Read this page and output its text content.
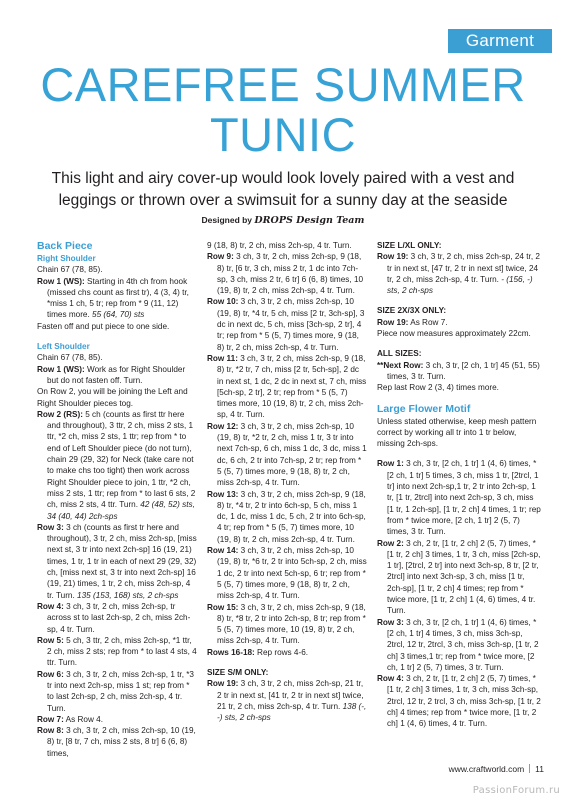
Garment
CAREFREE SUMMER
TUNIC
This light and airy cover-up would look lovely paired with a vest and leggings or thrown over a swimsuit for a sunny day at the seaside
Designed by DROPS Design Team

Back Piece

Right Shoulder

Chain 67 (78, 85).

Row 1 (WS): Starting in 4th ch from hook (missed chs count as first tr), 4 (3, 4) tr, *miss 1 ch, 5 tr; rep from * 9 (11, 12) times more. 55 (64, 70) sts

Fasten off and put piece to one side.

Left Shoulder

Chain 67 (78, 85).

Row 1 (WS): Work as for Right Shoulder but do not fasten off. Turn.

On Row 2, you will be joining the Left and Right Shoulder pieces tog.

Row 2 (RS): 5 ch (counts as first ttr here and throughout), 3 ttr, 2 ch, miss 2 sts, 1 ttr, *2 ch, miss 2 sts, 1 ttr; rep from * to end of Left Shoulder piece (do not turn), chain 29 (29, 32) for Neck (take care not to make chs too tight) then work across Right Shoulder piece to join, 1 ttr, *2 ch, miss 2 sts, 1 ttr; rep from * to last 6 sts, 2 ch, miss 2 sts, 4 ttr. Turn. 42 (48, 52) sts, 34 (40, 44) 2ch-sps

Row 3: 3 ch (counts as first tr here and throughout), 3 tr, 2 ch, miss 2ch-sp, [miss next st, 3 tr into next 2ch-sp] 16 (19, 21) times, 1 tr, 1 tr in each of next 29 (29, 32) ch, [miss next st, 3 tr into next 2ch-sp] 16 (19, 21) times, 1 tr, 2 ch, miss 2ch-sp, 4 tr. Turn. 135 (153, 168) sts, 2 ch-sps

Row 4: 3 ch, 3 tr, 2 ch, miss 2ch-sp, tr across st to last 2ch-sp, 2 ch, miss 2ch-sp, 4 tr. Turn.

Row 5: 5 ch, 3 ttr, 2 ch, miss 2ch-sp, *1 ttr, 2 ch, miss 2 sts; rep from * to last 4 sts, 4 ttr. Turn.

Row 6: 3 ch, 3 tr, 2 ch, miss 2ch-sp, 1 tr, *3 tr into next 2ch-sp, miss 1 st; rep from * to last 2ch-sp, 2 ch, miss 2ch-sp, 4 tr. Turn.

Row 7: As Row 4.

Row 8: 3 ch, 3 tr, 2 ch, miss 2ch-sp, 10 (19, 8) tr, [8 tr, 7 ch, miss 2 sts, 8 tr] 6 (6, 8) times,

9 (18, 8) tr, 2 ch, miss 2ch-sp, 4 tr. Turn.

Row 9: 3 ch, 3 tr, 2 ch, miss 2ch-sp, 9 (18, 8) tr, [6 tr, 3 ch, miss 2 tr, 1 dc into 7ch-sp, 3 ch, miss 2 tr, 6 tr] 6 (6, 8) times, 10 (19, 8) tr, 2 ch, miss 2ch-sp, 4 tr. Turn.

Row 10: 3 ch, 3 tr, 2 ch, miss 2ch-sp, 10 (19, 8) tr, *4 tr, 5 ch, miss [2 tr, 3ch-sp], 3 dc in next dc, 5 ch, miss [3ch-sp, 2 tr], 4 tr; rep from * 5 (5, 7) times more, 9 (18, 8) tr, 2 ch, miss 2ch-sp, 4 tr. Turn.

Row 11: 3 ch, 3 tr, 2 ch, miss 2ch-sp, 9 (18, 8) tr, *2 tr, 7 ch, miss [2 tr, 5ch-sp], 2 dc in next st, 1 dc, 2 dc in next st, 7 ch, miss [5ch-sp, 2 tr], 2 tr; rep from * 5 (5, 7) times more, 10 (19, 8) tr, 2 ch, miss 2ch-sp, 4 tr. Turn.

Row 12: 3 ch, 3 tr, 2 ch, miss 2ch-sp, 10 (19, 8) tr, *2 tr, 2 ch, miss 1 tr, 3 tr into next 7ch-sp, 6 ch, miss 1 dc, 3 dc, miss 1 dc, 6 ch, 2 tr into 7ch-sp, 2 tr; rep from * 5 (5, 7) times more, 9 (18, 8) tr, 2 ch, miss 2ch-sp, 4 tr. Turn.

Row 13: 3 ch, 3 tr, 2 ch, miss 2ch-sp, 9 (18, 8) tr, *4 tr, 2 tr into 6ch-sp, 5 ch, miss 1 dc, 1 dc, miss 1 dc, 5 ch, 2 tr into 6ch-sp, 4 tr; rep from * 5 (5, 7) times more, 10 (19, 8) tr, 2 ch, miss 2ch-sp, 4 tr. Turn.

Row 14: 3 ch, 3 tr, 2 ch, miss 2ch-sp, 10 (19, 8) tr, *6 tr, 2 tr into 5ch-sp, 2 ch, miss 1 dc, 2 tr into next 5ch-sp, 6 tr; rep from * 5 (5, 7) times more, 9 (18, 8) tr, 2 ch, miss 2ch-sp, 4 tr. Turn.

Row 15: 3 ch, 3 tr, 2 ch, miss 2ch-sp, 9 (18, 8) tr, *8 tr, 2 tr into 2ch-sp, 8 tr; rep from * 5 (5, 7) times more, 10 (19, 8) tr, 2 ch, miss 2ch-sp, 4 tr. Turn.

Rows 16-18: Rep rows 4-6.

SIZE S/M ONLY:

Row 19: 3 ch, 3 tr, 2 ch, miss 2ch-sp, 21 tr, 2 tr in next st, [41 tr, 2 tr in next st] twice, 21 tr, 2 ch, miss 2ch-sp, 4 tr. Turn. 138 (-, -) sts, 2 ch-sps

SIZE L/XL ONLY:

Row 19: 3 ch, 3 tr, 2 ch, miss 2ch-sp, 24 tr, 2 tr in next st, [47 tr, 2 tr in next st] twice, 24 tr, 2 ch, miss 2ch-sp, 4 tr. Turn. - (156, -) sts, 2 ch-sps

SIZE 2X/3X ONLY:

Row 19: As Row 7.

Piece now measures approximately 22cm.

ALL SIZES:

**Next Row: 3 ch, 3 tr, [2 ch, 1 tr] 45 (51, 55) times, 3 tr. Turn.

Rep last Row 2 (3, 4) times more.

Large Flower Motif

Unless stated otherwise, keep mesh pattern correct by working all tr into 1 tr below, missing 2ch-sps.

Row 1: 3 ch, 3 tr, [2 ch, 1 tr] 1 (4, 6) times, *[2 ch, 1 tr] 5 times, 3 ch, miss 1 tr, [2trcl, 1 tr] into next 2ch-sp,1 tr, 2 tr into 2ch-sp, 1 tr, [1 tr, 2trcl] into next 2ch-sp, 3 ch, miss [1 tr, 1 2ch-sp], [1 tr, 2 ch] 4 times, 1 tr; rep from * twice more, [2 ch, 1 tr] 2 (5, 7) times, 3 tr. Turn.

Row 2: 3 ch, 2 tr, [1 tr, 2 ch] 2 (5, 7) times, *[1 tr, 2 ch] 3 times, 1 tr, 3 ch, miss [2ch-sp, 1 tr], [2trcl, 2 tr] into next 3ch-sp, 8 tr, [2 tr, 2trcl] into next 3ch-sp, 3 ch, miss [1 tr, 2ch-sp], [1 tr, 2 ch] 4 times; rep from * twice more, [1 tr, 2 ch] 1 (4, 6) times, 4 tr. Turn.

Row 3: 3 ch, 3 tr, [2 ch, 1 tr] 1 (4, 6) times, *[2 ch, 1 tr] 4 times, 3 ch, miss 3ch-sp, 2trcl, 12 tr, 2trcl, 3 ch, miss 3ch-sp, [1 tr, 2 ch] 3 times,1 tr; rep from * twice more, [2 ch, 1 tr] 2 (5, 7) times, 3 tr. Turn.

Row 4: 3 ch, 2 tr, [1 tr, 2 ch] 2 (5, 7) times, *[1 tr, 2 ch] 3 times, 1 tr, 3 ch, miss 3ch-sp, 2trcl, 12 tr, 2 trcl, 3 ch, miss 3ch-sp, [1 tr, 2 ch] 4 times; rep from * twice more, [1 tr, 2 ch] 1 (4, 6) times, 4 tr. Turn.

www.craftworld.com 11
PassionForum.ru
